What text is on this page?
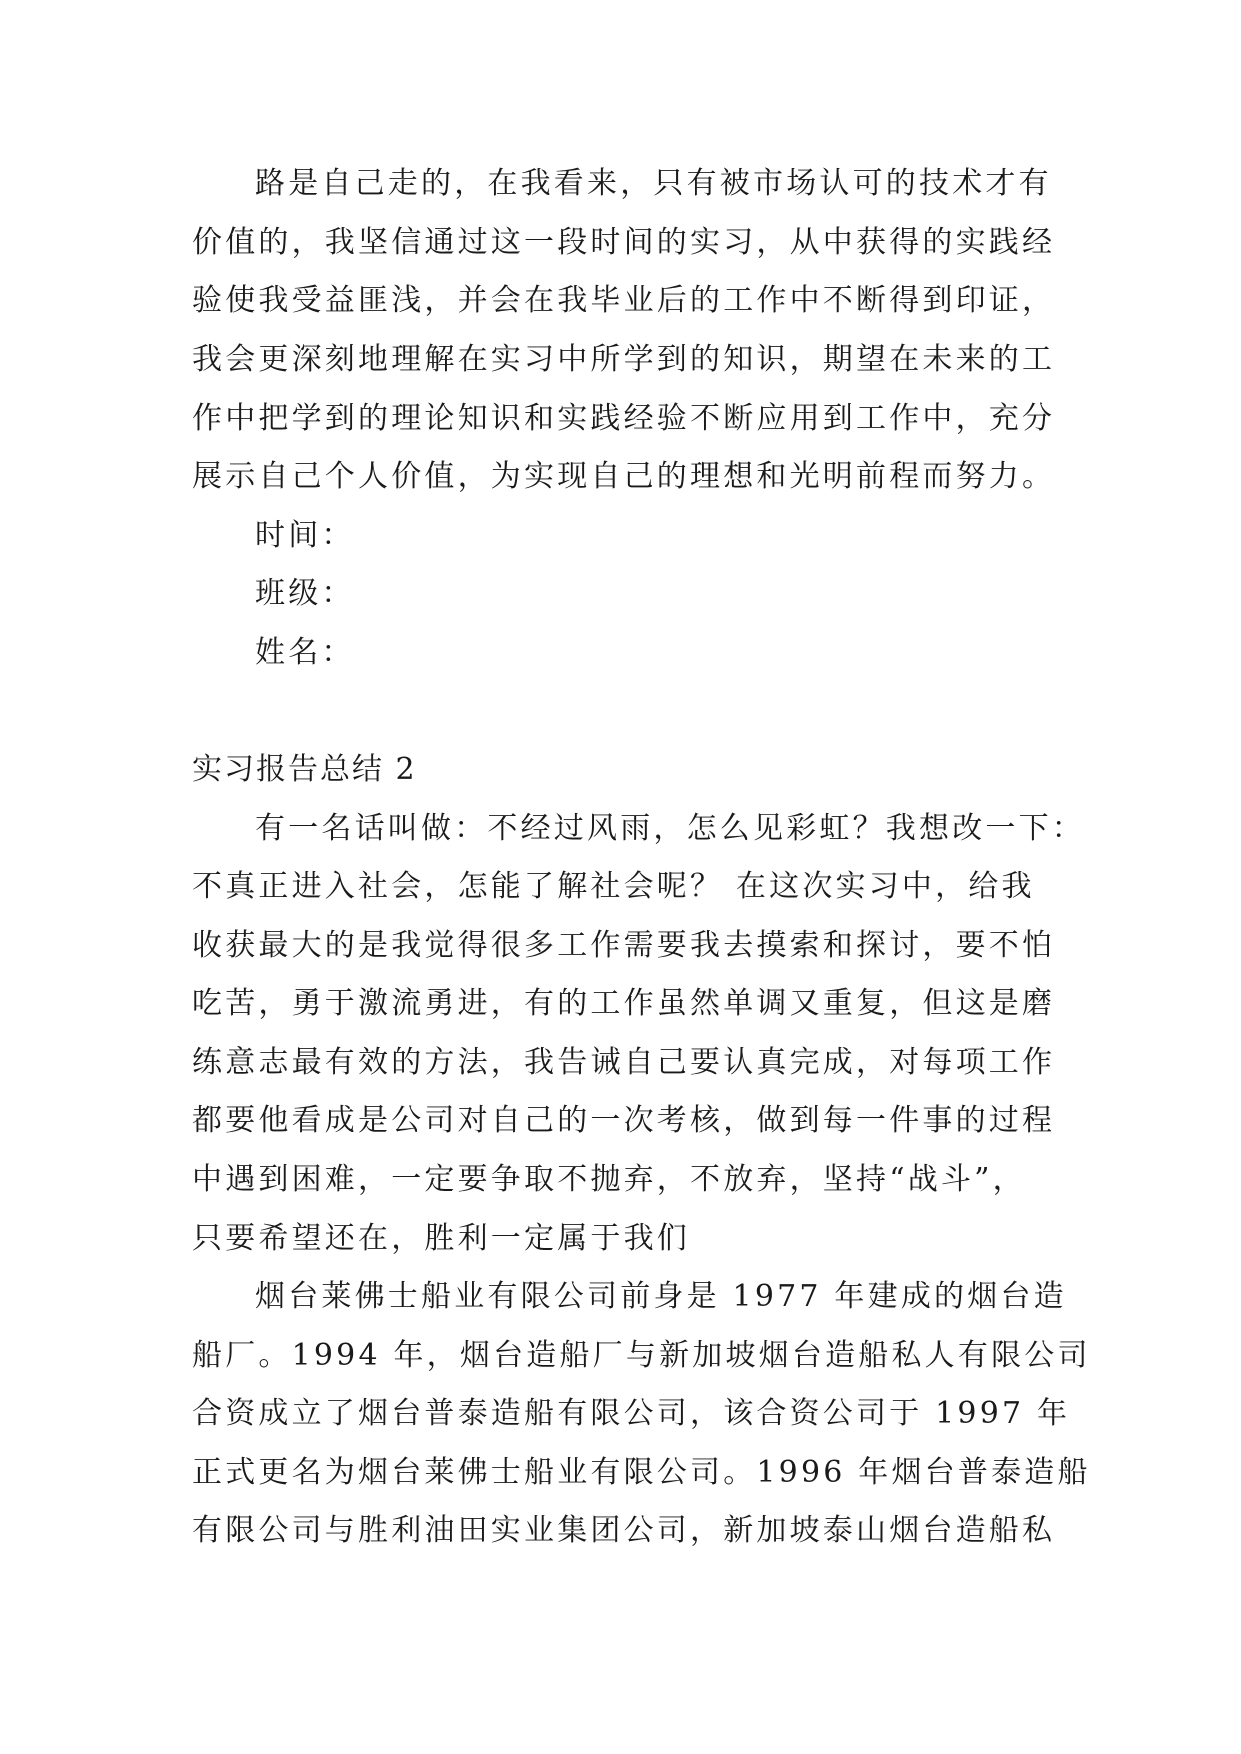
路是自己走的，在我看来，只有被市场认可的技术才有
价值的，我坚信通过这一段时间的实习，从中获得的实践经
验使我受益匪浅，并会在我毕业后的工作中不断得到印证，
我会更深刻地理解在实习中所学到的知识，期望在未来的工
作中把学到的理论知识和实践经验不断应用到工作中，充分
展示自己个人价值，为实现自己的理想和光明前程而努力。
时间：
班级：
姓名：
实习报告总结 2
有一名话叫做：不经过风雨，怎么见彩虹？我想改一下：
不真正进入社会，怎能了解社会呢？ 在这次实习中，给我
收获最大的是我觉得很多工作需要我去摸索和探讨，要不怕
吃苦，勇于激流勇进，有的工作虽然单调又重复，但这是磨
练意志最有效的方法，我告诫自己要认真完成，对每项工作
都要他看成是公司对自己的一次考核，做到每一件事的过程
中遇到困难，一定要争取不抛弃，不放弃，坚持“战斗”，
只要希望还在，胜利一定属于我们
烟台莱佛士船业有限公司前身是 1977 年建成的烟台造
船厂。1994 年，烟台造船厂与新加坡烟台造船私人有限公司
合资成立了烟台普泰造船有限公司，该合资公司于 1997 年
正式更名为烟台莱佛士船业有限公司。1996 年烟台普泰造船
有限公司与胜利油田实业集团公司，新加坡泰山烟台造船私
